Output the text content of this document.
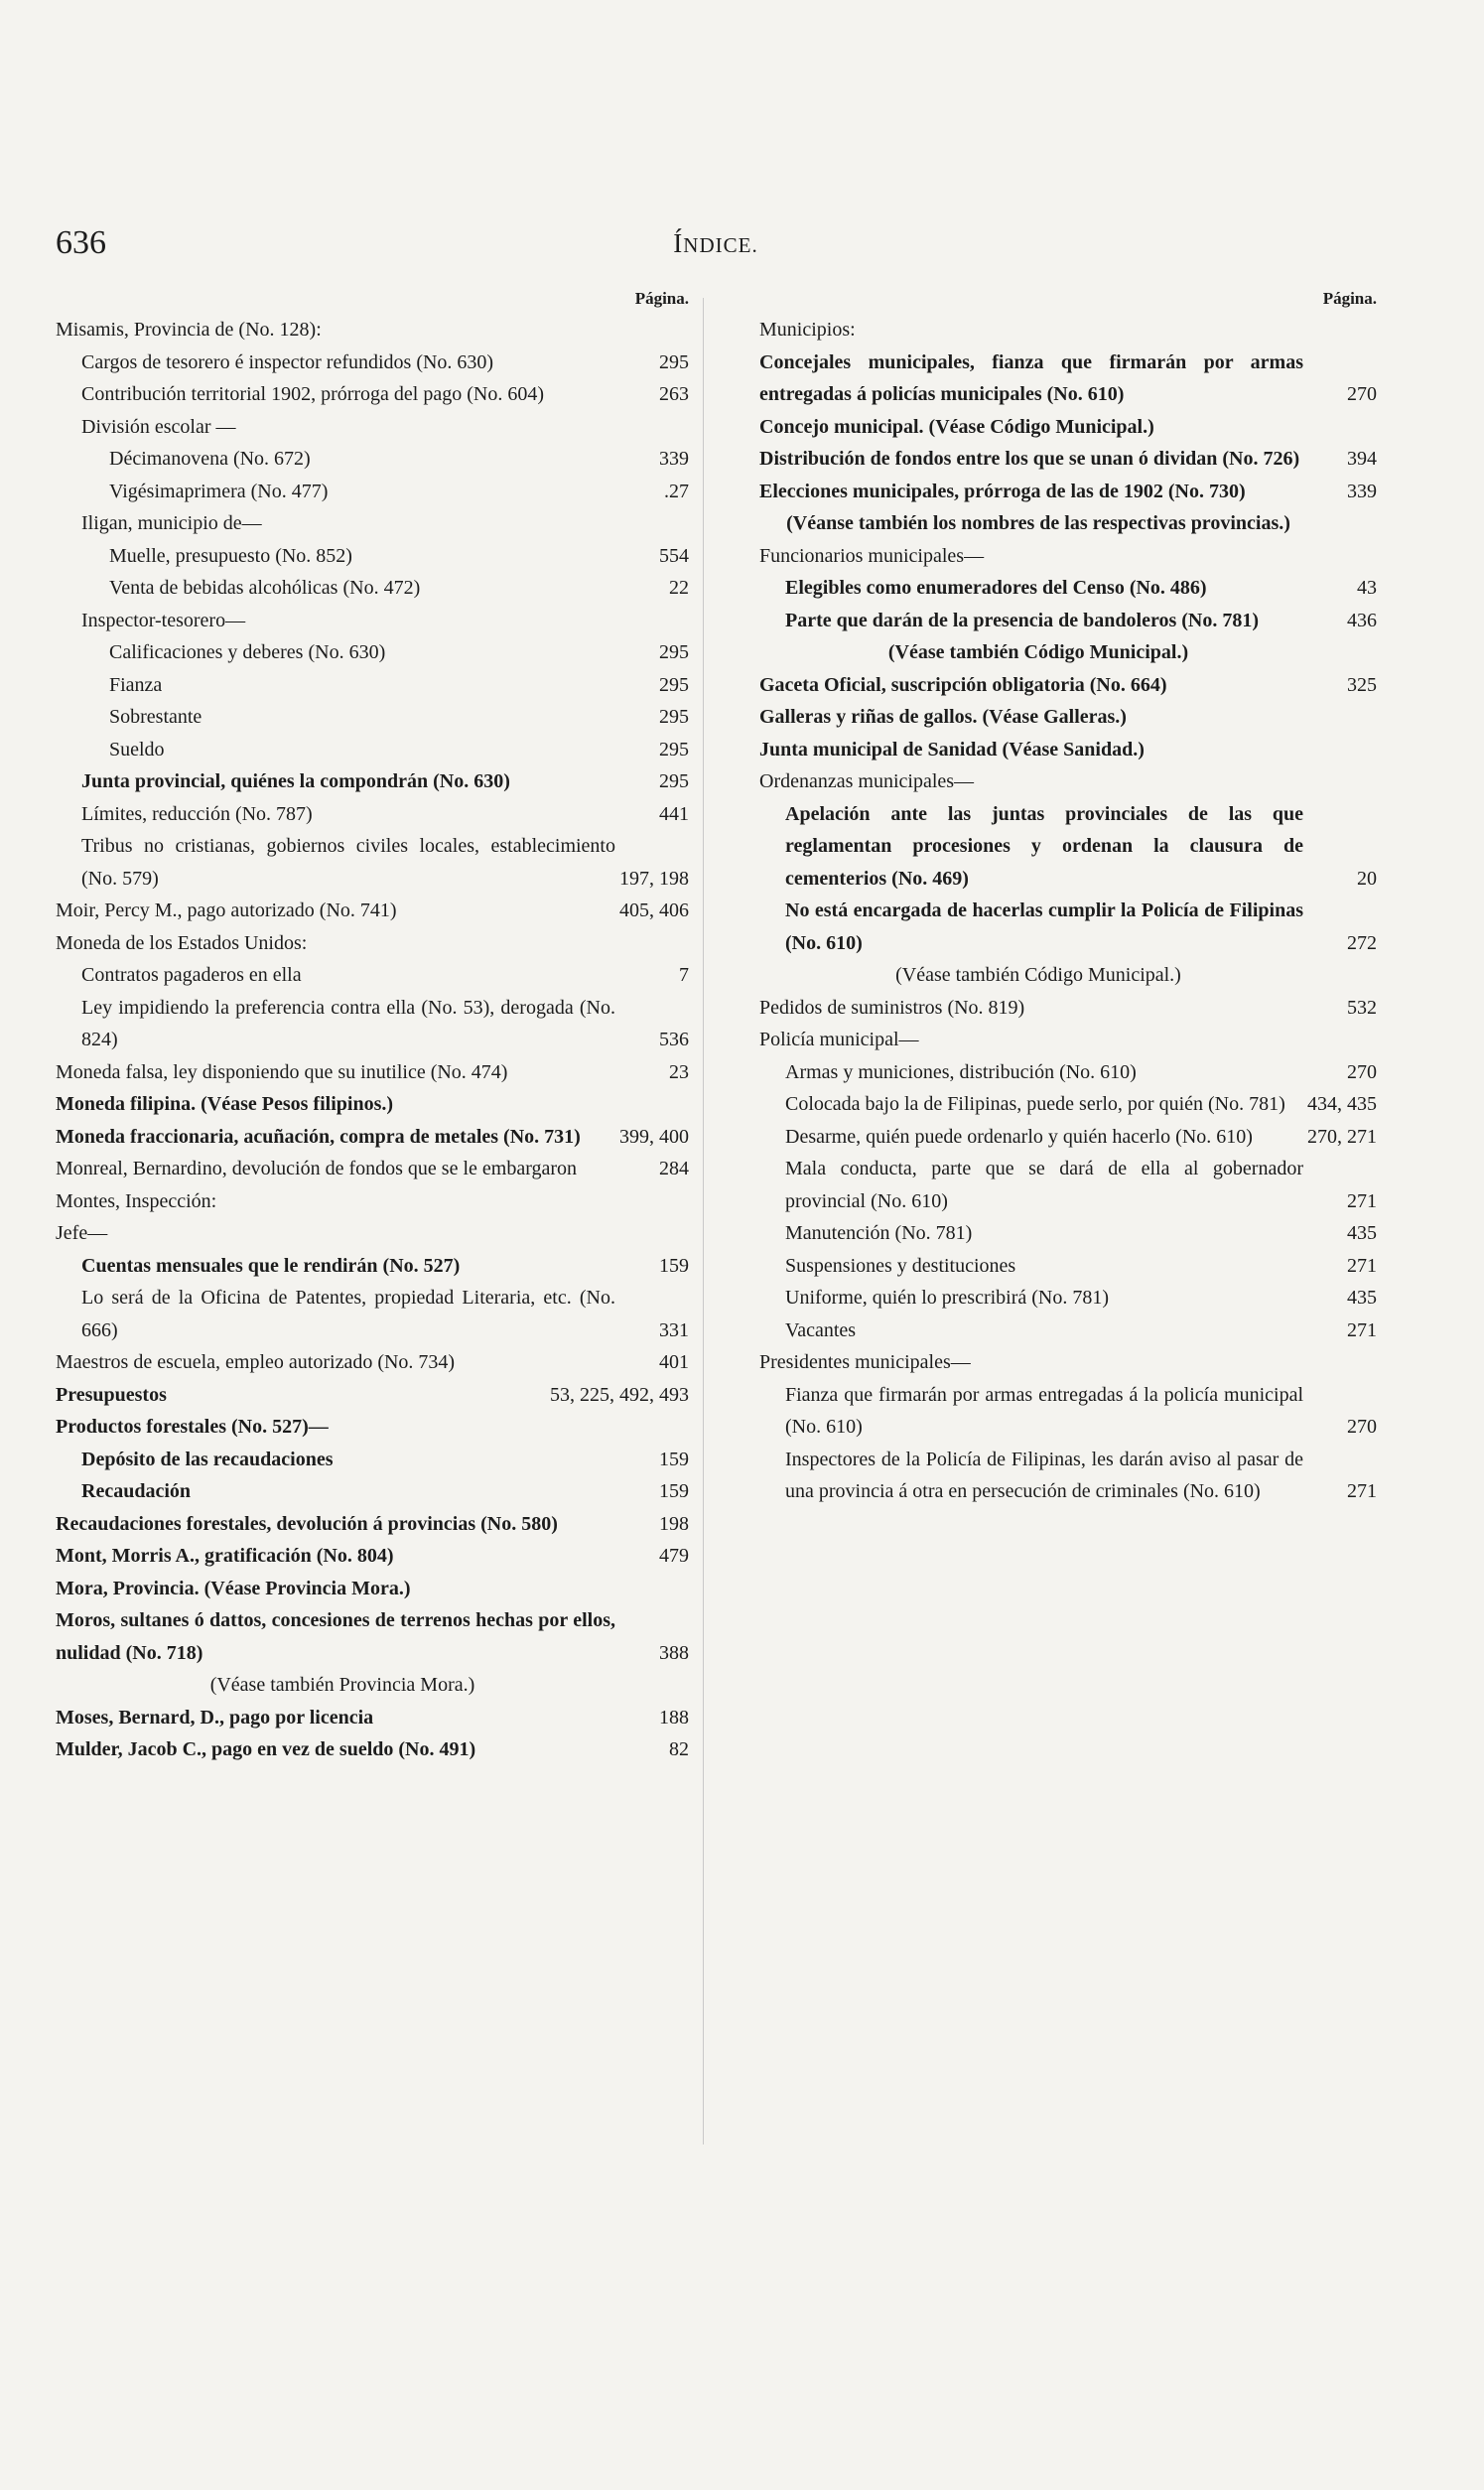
636	ÍNDICE.
Página.
Misamis, Provincia de (No. 128):
Cargos de tesorero é inspector refundidos (No. 630)	295
Contribución territorial 1902, prórroga del pago (No. 604)	263
División escolar —
Décimanovena (No. 672)	339
Vigésimaprimera (No. 477)	.27
Iligan, municipio de—
Muelle, presupuesto (No. 852)	554
Venta de bebidas alcohólicas (No. 472)	22
Inspector-tesorero—
Calificaciones y deberes (No. 630)	295
Fianza	295
Sobrestante	295
Sueldo	295
Junta provincial, quiénes la compondrán (No. 630)	295
Límites, reducción (No. 787)	441
Tribus no cristianas, gobiernos civiles locales, establecimiento (No. 579)	197, 198
Moir, Percy M., pago autorizado (No. 741)	405, 406
Moneda de los Estados Unidos:
Contratos pagaderos en ella	7
Ley impidiendo la preferencia contra ella (No. 53), derogada (No. 824)	536
Moneda falsa, ley disponiendo que su inutilice (No. 474)	23
Moneda filipina. (Véase Pesos filipinos.)
Moneda fraccionaria, acuñación, compra de metales (No. 731) 399, 400
Monreal, Bernardino, devolución de fondos que se le embargaron	284
Montes, Inspección:
Jefe—
Cuentas mensuales que le rendirán (No. 527)	159
Lo será de la Oficina de Patentes, propiedad Literaria, etc. (No. 666)	331
Maestros de escuela, empleo autorizado (No. 734)	401
Presupuestos	53, 225, 492, 493
Productos forestales (No. 527)—
Depósito de las recaudaciones	159
Recaudación	159
Recaudaciones forestales, devolución á provincias (No. 580)	198
Mont, Morris A., gratificación (No. 804)	479
Mora, Provincia. (Véase Provincia Mora.)
Moros, sultanes ó dattos, concesiones de terrenos hechas por ellos, nulidad (No. 718)	388
(Véase también Provincia Mora.)
Moses, Bernard, D., pago por licencia	188
Mulder, Jacob C., pago en vez de sueldo (No. 491)	82
Página.
Municipios:
Concejales municipales, fianza que firmarán por armas entregadas á policías municipales (No. 610)	270
Concejo municipal. (Véase Código Municipal.)
Distribución de fondos entre los que se unan ó dividan (No. 726) 394
Elecciones municipales, prórroga de las de 1902 (No. 730)	339
(Véanse también los nombres de las respectivas provincias.)
Funcionarios municipales—
Elegibles como enumeradores del Censo (No. 486)	43
Parte que darán de la presencia de bandoleros (No. 781)	436
(Véase también Código Municipal.)
Gaceta Oficial, suscripción obligatoria (No. 664)	325
Galleras y riñas de gallos. (Véase Galleras.)
Junta municipal de Sanidad (Véase Sanidad.)
Ordenanzas municipales—
Apelación ante las juntas provinciales de las que reglamentan procesiones y ordenan la clausura de cementerios (No. 469)	20
No está encargada de hacerlas cumplir la Policía de Filipinas (No. 610)	272
(Véase también Código Municipal.)
Pedidos de suministros (No. 819)	532
Policía municipal—
Armas y municiones, distribución (No. 610)	270
Colocada bajo la de Filipinas, puede serlo, por quién (No. 781) 434, 435
Desarme, quién puede ordenarlo y quién hacerlo (No. 610)	270, 271
Mala conducta, parte que se dará de ella al gobernador provincial (No. 610)	271
Manutención (No. 781)	435
Suspensiones y destituciones	271
Uniforme, quién lo prescribirá (No. 781)	435
Vacantes	271
Presidentes municipales—
Fianza que firmarán por armas entregadas á la policía municipal (No. 610)	270
Inspectores de la Policía de Filipinas, les darán aviso al pasar de una provincia á otra en persecución de criminales (No. 610)	271
